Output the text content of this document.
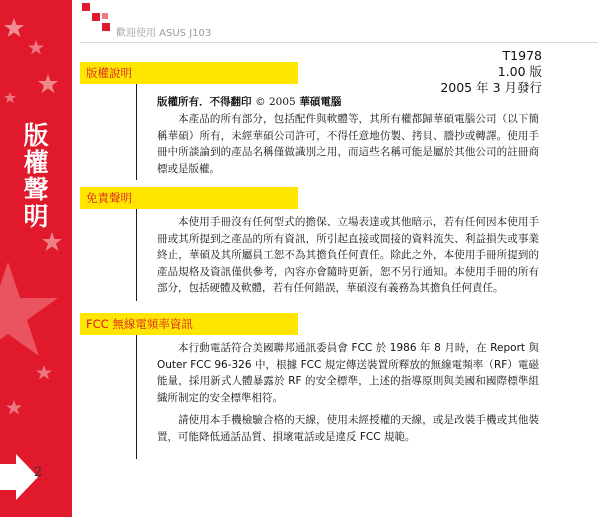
版
權
聲
明
2
歡迎使用 ASUS J103
T1978
1.00 版
2005 年 3 月發行
版權說明
版權所有．不得翻印 © 2005 華碩電腦
本產品的所有部分，包括配件與軟體等，其所有權都歸華碩電腦公司（以下簡稱華碩）所有，未經華碩公司許可，不得任意地仿製、拷貝、謄抄或轉譯。使用手冊中所談論到的產品名稱僅做識別之用，而這些名稱可能是屬於其他公司的註冊商標或是版權。
免責聲明
本使用手冊沒有任何型式的擔保、立場表達或其他暗示，若有任何因本使用手冊或其所提到之產品的所有資訊，所引起直接或間接的資料流失、利益損失或事業終止，華碩及其所屬員工恕不為其擔負任何責任。除此之外，本使用手冊所提到的產品規格及資訊僅供參考，內容亦會隨時更新，恕不另行通知。本使用手冊的所有部分，包括硬體及軟體，若有任何錯誤，華碩沒有義務為其擔負任何責任。
FCC 無線電頻率資訊
本行動電話符合美國聯邦通訊委員會 FCC 於 1986 年 8 月時，在 Report 與 Outer FCC 96-326 中，根據 FCC 規定傳送裝置所釋放的無線電頻率（RF）電磁能量，採用新式人體暴露於 RF 的安全標準，上述的指導原則與美國和國際標準組織所制定的安全標準相符。
請使用本手機檢驗合格的天線，使用未經授權的天線，或是改裝手機或其他裝置，可能降低通話品質、損壞電話或是違反 FCC 規範。
